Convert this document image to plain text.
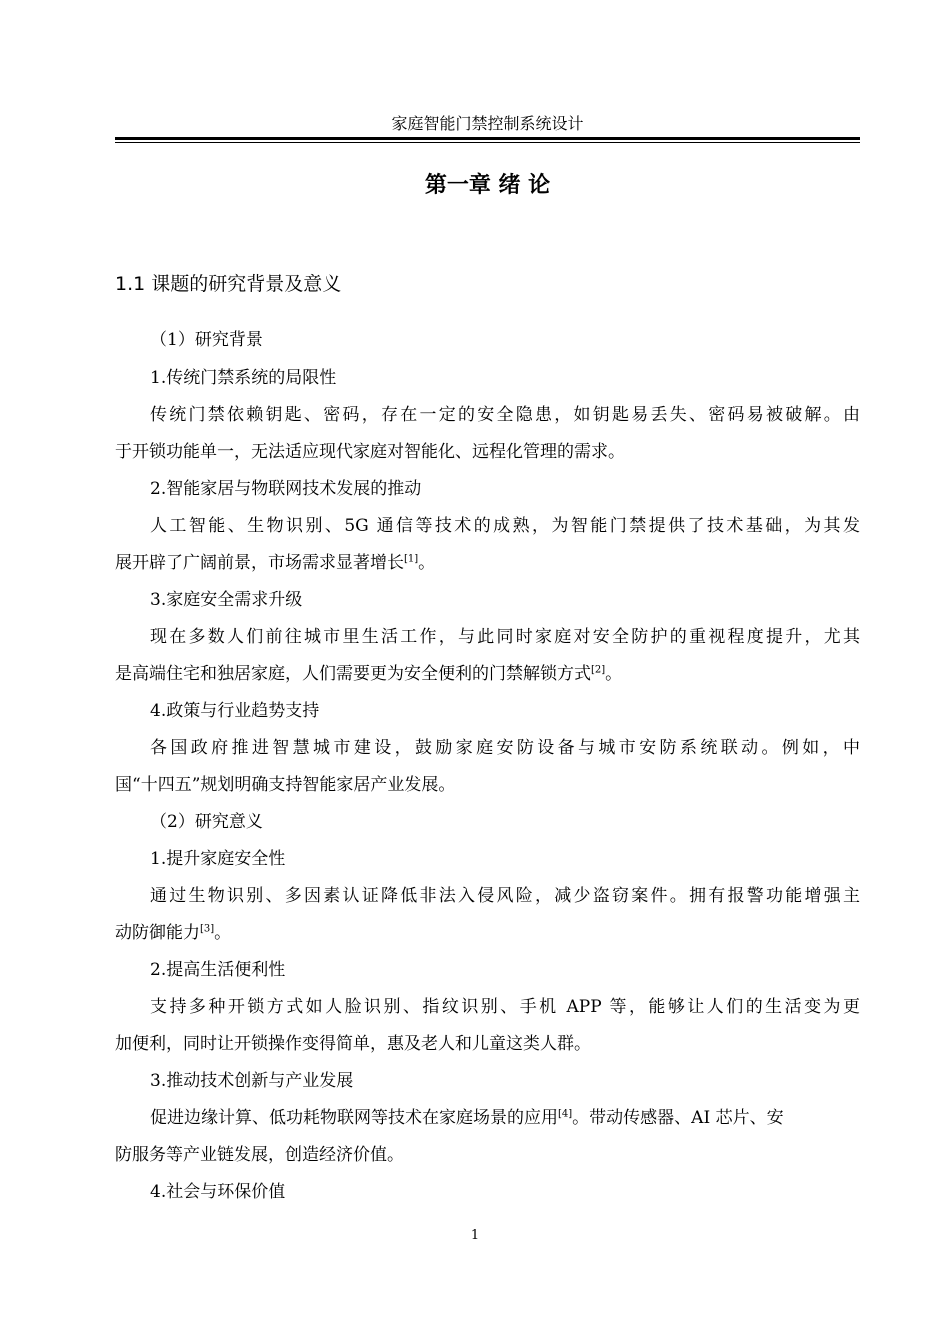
家庭智能门禁控制系统设计
第一章 绪 论
1.1 课题的研究背景及意义
（1）研究背景
1.传统门禁系统的局限性
传统门禁依赖钥匙、密码，存在一定的安全隐患，如钥匙易丢失、密码易被破解。由
于开锁功能单一，无法适应现代家庭对智能化、远程化管理的需求。
2.智能家居与物联网技术发展的推动
人工智能、生物识别、5G 通信等技术的成熟，为智能门禁提供了技术基础，为其发
展开辟了广阔前景，市场需求显著增长[1]。
3.家庭安全需求升级
现在多数人们前往城市里生活工作，与此同时家庭对安全防护的重视程度提升，尤其
是高端住宅和独居家庭，人们需要更为安全便利的门禁解锁方式[2]。
4.政策与行业趋势支持
各国政府推进智慧城市建设，鼓励家庭安防设备与城市安防系统联动。例如，中
国“十四五”规划明确支持智能家居产业发展。
（2）研究意义
1.提升家庭安全性
通过生物识别、多因素认证降低非法入侵风险，减少盗窃案件。拥有报警功能增强主
动防御能力[3]。
2.提高生活便利性
支持多种开锁方式如人脸识别、指纹识别、手机 APP 等，能够让人们的生活变为更
加便利，同时让开锁操作变得简单，惠及老人和儿童这类人群。
3.推动技术创新与产业发展
促进边缘计算、低功耗物联网等技术在家庭场景的应用[4]。带动传感器、AI 芯片、安
防服务等产业链发展，创造经济价值。
4.社会与环保价值
1
